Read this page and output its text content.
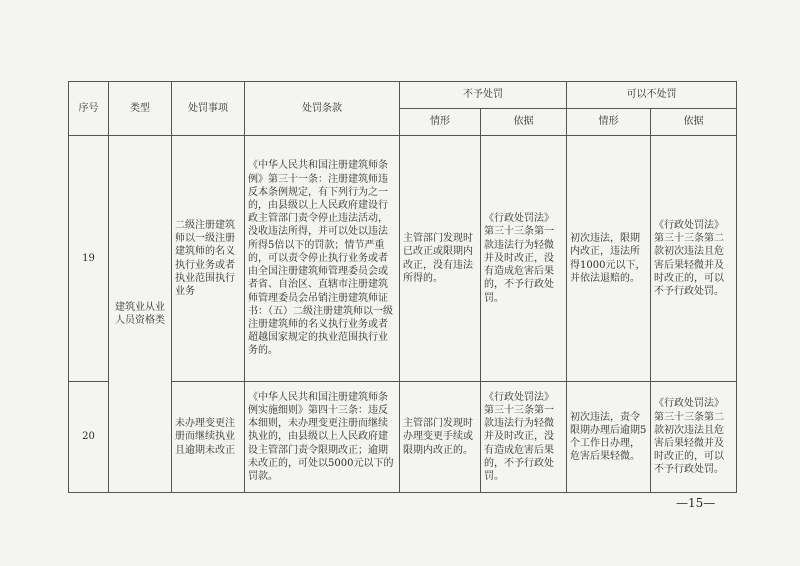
序号	类型	处罚事项	处罚条款	不予处罚		可以不处罚	
				情形	依据	情形	依据
19	建筑业从业人员资格类	二级注册建筑师以一级注册建筑师的名义执行业务或者执业范围执行业务	《中华人民共和国注册建筑师条例》第三十一条：注册建筑师违反本条例规定，有下列行为之一的，由县级以上人民政府建设行政主管部门责令停止违法活动，没收违法所得，并可以处以违法所得5倍以下的罚款；情节严重的，可以责令停止执行业务或者由全国注册建筑师管理委员会或者省、自治区、直辖市注册建筑师管理委员会吊销注册建筑师证书：（五）二级注册建筑师以一级注册建筑师的名义执行业务或者超越国家规定的执业范围执行业务的。	主管部门发现时已改正或限期内改正，没有违法所得的。	《行政处罚法》第三十三条第一款违法行为轻微并及时改正，没有造成危害后果的，不予行政处罚。	初次违法，限期内改正，违法所得1000元以下，并依法退赔的。	《行政处罚法》第三十三条第二款初次违法且危害后果轻微并及时改正的，可以不予行政处罚。
20		未办理变更注册而继续执业且逾期未改正	《中华人民共和国注册建筑师条例实施细则》第四十三条：违反本细则，未办理变更注册而继续执业的，由县级以上人民政府建设主管部门责令限期改正；逾期未改正的，可处以5000元以下的罚款。	主管部门发现时办理变更手续或限期内改正的。	《行政处罚法》第三十三条第一款违法行为轻微并及时改正，没有造成危害后果的，不予行政处罚。	初次违法，责令限期办理后逾期5个工作日办理，危害后果轻微。	《行政处罚法》第三十三条第二款初次违法且危害后果轻微并及时改正的，可以不予行政处罚。
—15—
